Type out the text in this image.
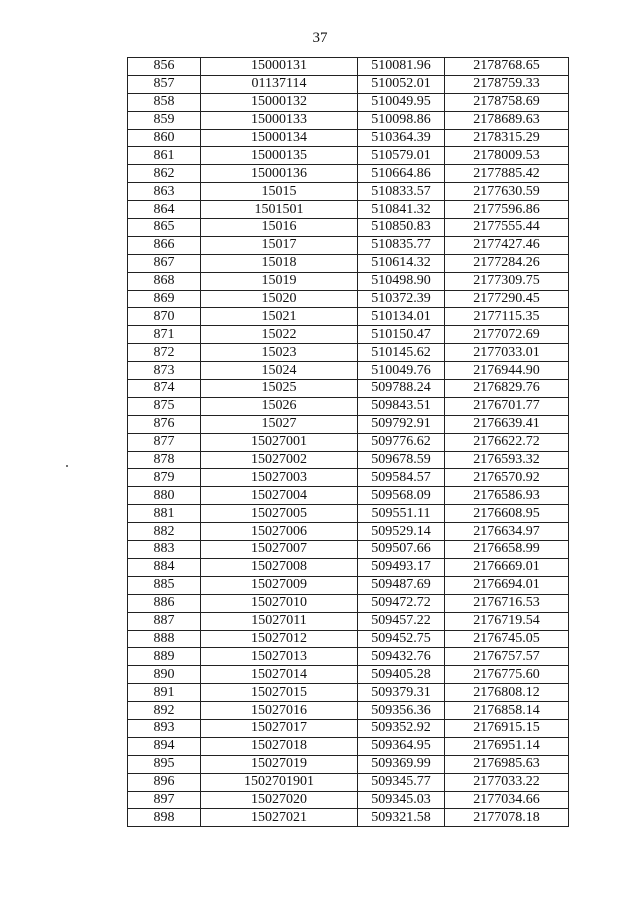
37
856	15000131	510081.96	2178768.65
857	01137114	510052.01	2178759.33
858	15000132	510049.95	2178758.69
859	15000133	510098.86	2178689.63
860	15000134	510364.39	2178315.29
861	15000135	510579.01	2178009.53
862	15000136	510664.86	2177885.42
863	15015	510833.57	2177630.59
864	1501501	510841.32	2177596.86
865	15016	510850.83	2177555.44
866	15017	510835.77	2177427.46
867	15018	510614.32	2177284.26
868	15019	510498.90	2177309.75
869	15020	510372.39	2177290.45
870	15021	510134.01	2177115.35
871	15022	510150.47	2177072.69
872	15023	510145.62	2177033.01
873	15024	510049.76	2176944.90
874	15025	509788.24	2176829.76
875	15026	509843.51	2176701.77
876	15027	509792.91	2176639.41
877	15027001	509776.62	2176622.72
878	15027002	509678.59	2176593.32
879	15027003	509584.57	2176570.92
880	15027004	509568.09	2176586.93
881	15027005	509551.11	2176608.95
882	15027006	509529.14	2176634.97
883	15027007	509507.66	2176658.99
884	15027008	509493.17	2176669.01
885	15027009	509487.69	2176694.01
886	15027010	509472.72	2176716.53
887	15027011	509457.22	2176719.54
888	15027012	509452.75	2176745.05
889	15027013	509432.76	2176757.57
890	15027014	509405.28	2176775.60
891	15027015	509379.31	2176808.12
892	15027016	509356.36	2176858.14
893	15027017	509352.92	2176915.15
894	15027018	509364.95	2176951.14
895	15027019	509369.99	2176985.63
896	1502701901	509345.77	2177033.22
897	15027020	509345.03	2177034.66
898	15027021	509321.58	2177078.18
